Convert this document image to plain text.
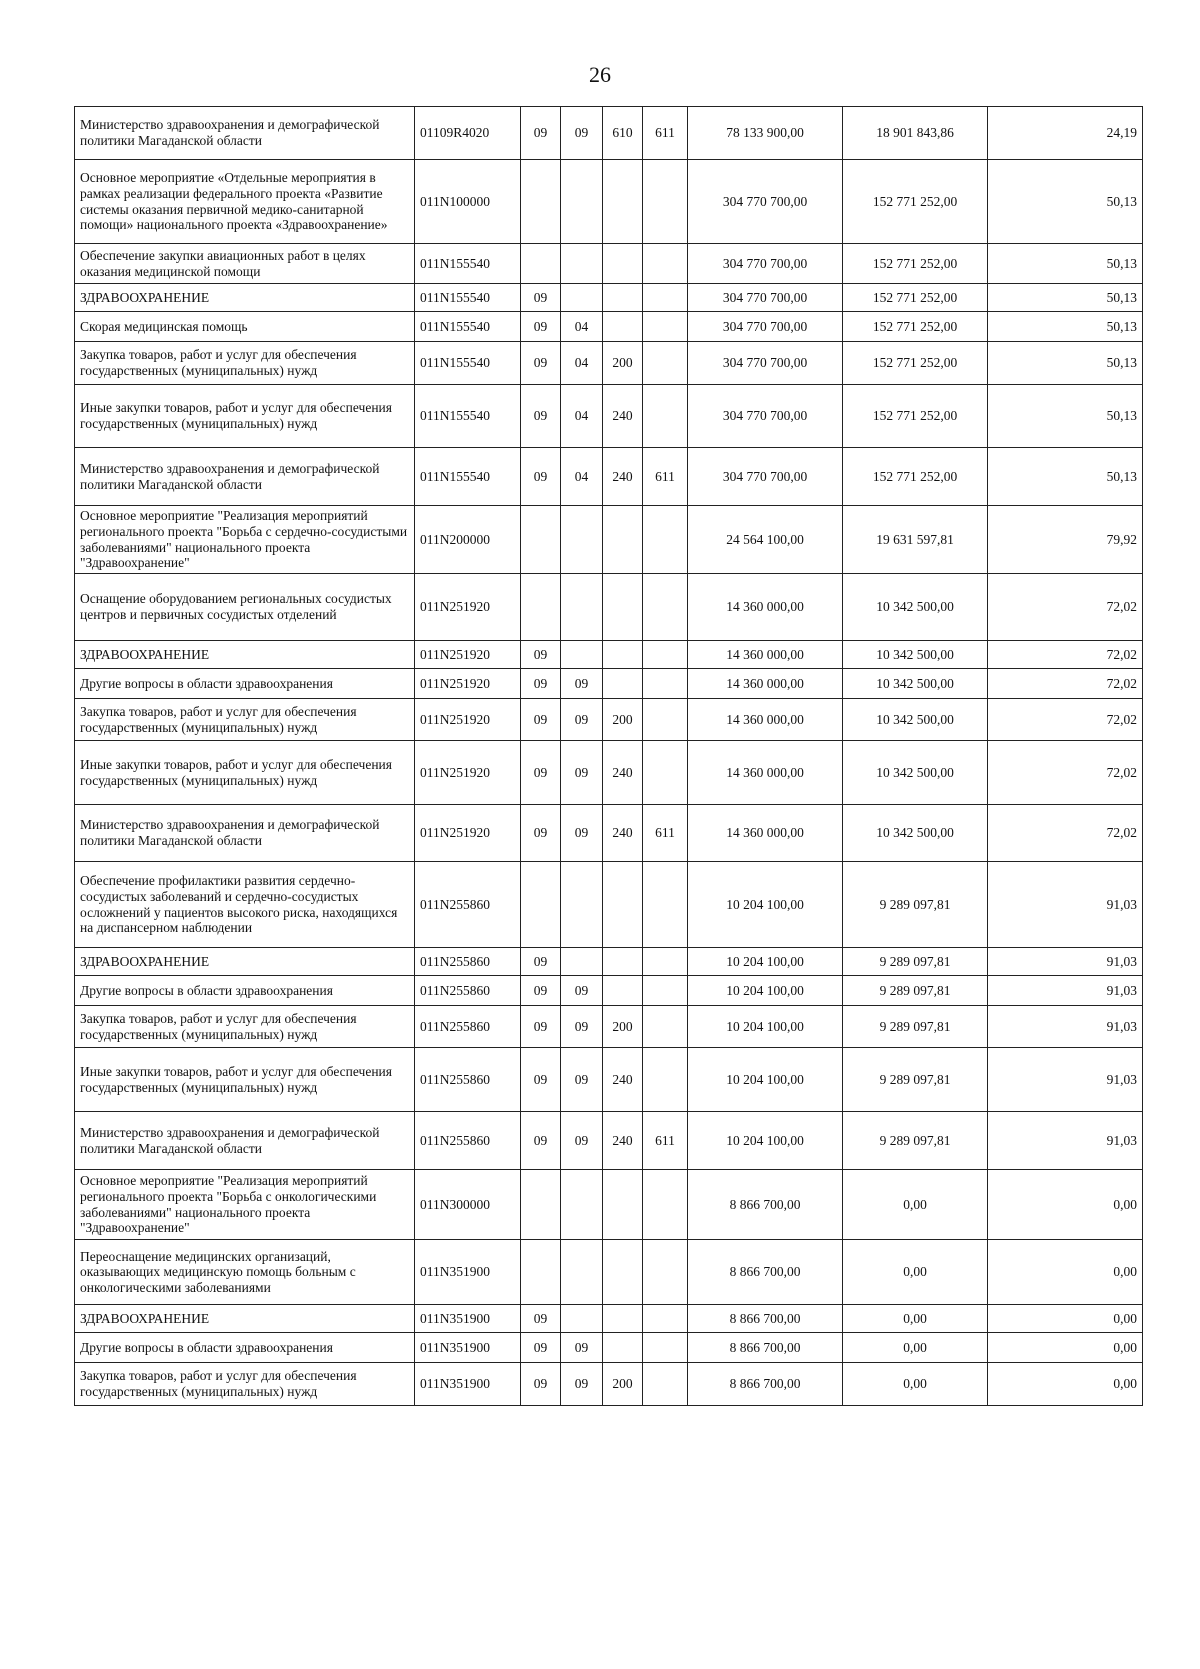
26
Министерство здравоохранения и демографической политики Магаданской области	01109R4020	09	09	610	611	78 133 900,00	18 901 843,86	24,19
Основное мероприятие «Отдельные мероприятия в рамках реализации федерального проекта «Развитие системы оказания первичной медико-санитарной помощи» национального проекта «Здравоохранение»	011N100000					304 770 700,00	152 771 252,00	50,13
Обеспечение закупки авиационных работ в целях оказания медицинской помощи	011N155540					304 770 700,00	152 771 252,00	50,13
ЗДРАВООХРАНЕНИЕ	011N155540	09				304 770 700,00	152 771 252,00	50,13
Скорая медицинская помощь	011N155540	09	04			304 770 700,00	152 771 252,00	50,13
Закупка товаров, работ и услуг для обеспечения государственных (муниципальных) нужд	011N155540	09	04	200		304 770 700,00	152 771 252,00	50,13
Иные закупки товаров, работ и услуг для обеспечения государственных (муниципальных) нужд	011N155540	09	04	240		304 770 700,00	152 771 252,00	50,13
Министерство здравоохранения и демографической политики Магаданской области	011N155540	09	04	240	611	304 770 700,00	152 771 252,00	50,13
Основное мероприятие "Реализация мероприятий регионального проекта "Борьба с сердечно-сосудистыми заболеваниями" национального проекта "Здравоохранение"	011N200000					24 564 100,00	19 631 597,81	79,92
Оснащение оборудованием региональных сосудистых центров и первичных сосудистых отделений	011N251920					14 360 000,00	10 342 500,00	72,02
ЗДРАВООХРАНЕНИЕ	011N251920	09				14 360 000,00	10 342 500,00	72,02
Другие вопросы в области здравоохранения	011N251920	09	09			14 360 000,00	10 342 500,00	72,02
Закупка товаров, работ и услуг для обеспечения государственных (муниципальных) нужд	011N251920	09	09	200		14 360 000,00	10 342 500,00	72,02
Иные закупки товаров, работ и услуг для обеспечения государственных (муниципальных) нужд	011N251920	09	09	240		14 360 000,00	10 342 500,00	72,02
Министерство здравоохранения и демографической политики Магаданской области	011N251920	09	09	240	611	14 360 000,00	10 342 500,00	72,02
Обеспечение профилактики развития сердечно-сосудистых заболеваний и сердечно-сосудистых осложнений у пациентов высокого риска, находящихся на диспансерном наблюдении	011N255860					10 204 100,00	9 289 097,81	91,03
ЗДРАВООХРАНЕНИЕ	011N255860	09				10 204 100,00	9 289 097,81	91,03
Другие вопросы в области здравоохранения	011N255860	09	09			10 204 100,00	9 289 097,81	91,03
Закупка товаров, работ и услуг для обеспечения государственных (муниципальных) нужд	011N255860	09	09	200		10 204 100,00	9 289 097,81	91,03
Иные закупки товаров, работ и услуг для обеспечения государственных (муниципальных) нужд	011N255860	09	09	240		10 204 100,00	9 289 097,81	91,03
Министерство здравоохранения и демографической политики Магаданской области	011N255860	09	09	240	611	10 204 100,00	9 289 097,81	91,03
Основное мероприятие "Реализация мероприятий регионального проекта "Борьба с онкологическими заболеваниями" национального проекта "Здравоохранение"	011N300000					8 866 700,00	0,00	0,00
Переоснащение медицинских организаций, оказывающих медицинскую помощь больным с онкологическими заболеваниями	011N351900					8 866 700,00	0,00	0,00
ЗДРАВООХРАНЕНИЕ	011N351900	09				8 866 700,00	0,00	0,00
Другие вопросы в области здравоохранения	011N351900	09	09			8 866 700,00	0,00	0,00
Закупка товаров, работ и услуг для обеспечения государственных (муниципальных) нужд	011N351900	09	09	200		8 866 700,00	0,00	0,00
